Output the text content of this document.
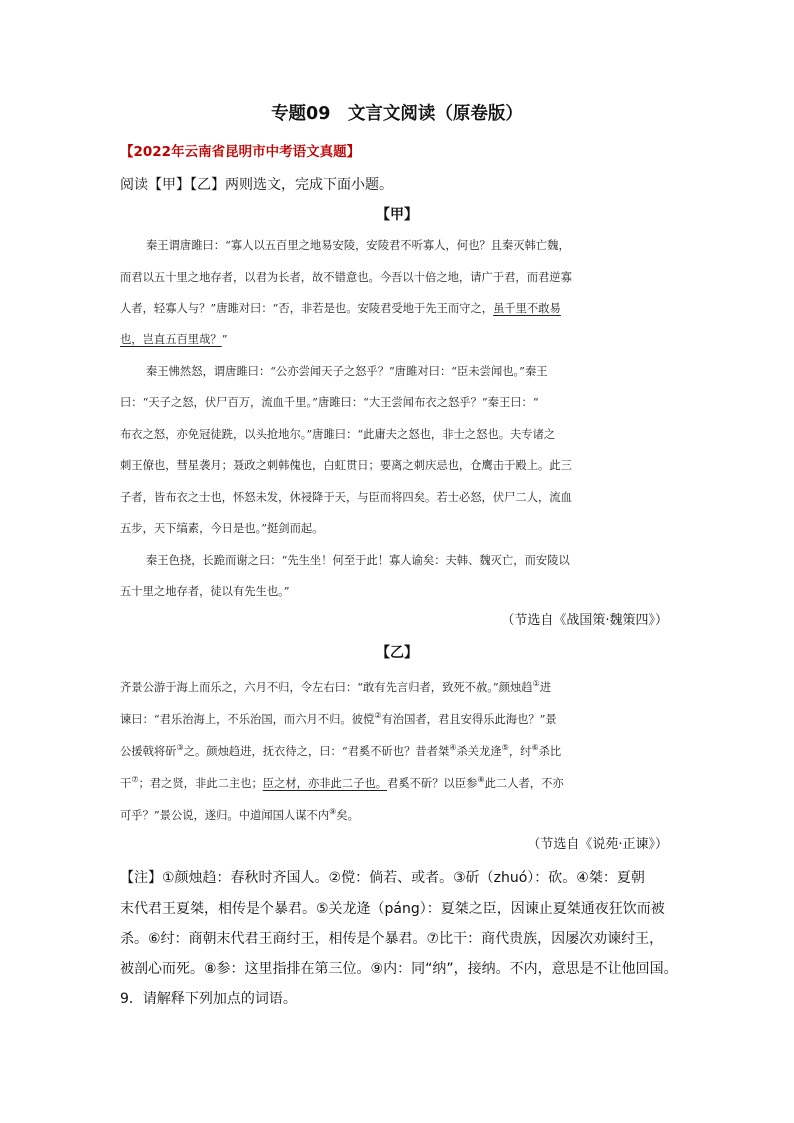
专题09　文言文阅读（原卷版）
【2022年云南省昆明市中考语文真题】
阅读【甲】【乙】两则选文，完成下面小题。
【甲】
秦王谓唐雎曰：“寡人以五百里之地易安陵，安陵君不听寡人，何也？且秦灭韩亡魏，
而君以五十里之地存者，以君为长者，故不错意也。今吾以十倍之地，请广于君，而君逆寡
人者，轻寡人与？”唐雎对曰：“否，非若是也。安陵君受地于先王而守之，虽千里不敢易
也，岂直五百里哉？”
秦王怫然怒，谓唐雎曰：“公亦尝闻天子之怒乎？”唐雎对曰：“臣未尝闻也。”秦王
曰：“天子之怒，伏尸百万，流血千里。”唐雎曰：“大王尝闻布衣之怒乎？”秦王曰：“
布衣之怒，亦免冠徒跣，以头抢地尔。”唐雎曰：“此庸夫之怒也，非士之怒也。夫专诸之
刺王僚也，彗星袭月；聂政之刺韩傀也，白虹贯日；要离之刺庆忌也，仓鹰击于殿上。此三
子者，皆布衣之士也，怀怒未发，休祲降于天，与臣而将四矣。若士必怒，伏尸二人，流血
五步，天下缟素，今日是也。”挺剑而起。
秦王色挠，长跪而谢之曰：“先生坐！何至于此！寡人谕矣：夫韩、魏灭亡，而安陵以
五十里之地存者，徒以有先生也。”
（节选自《战国策·魏策四》）
【乙】
齐景公游于海上而乐之，六月不归，令左右曰：“敢有先言归者，致死不赦。”颜烛趋①进
谏曰：“君乐治海上，不乐治国，而六月不归。彼傥②有治国者，君且安得乐此海也？”景
公援戟将斫③之。颜烛趋进，抚衣待之，曰：“君奚不斫也？昔者桀④杀关龙逄⑤，纣⑥杀比
干⑦；君之贤，非此二主也；臣之材，亦非此二子也。君奚不斫？以臣参⑧此二人者，不亦
可乎？”景公说，遂归。中道闻国人谋不内⑨矣。
（节选自《说苑·正谏》）
【注】①颜烛趋：春秋时齐国人。②傥：倘若、或者。③斫（zhuó）：砍。④桀：夏朝
末代君王夏桀，相传是个暴君。⑤关龙逄（páng）：夏桀之臣，因谏止夏桀通夜狂饮而被
杀。⑥纣：商朝末代君王商纣王，相传是个暴君。⑦比干：商代贵族，因屡次劝谏纣王，
被剖心而死。⑧参：这里指排在第三位。⑨内：同“纳”，接纳。不内，意思是不让他回国。
9．请解释下列加点的词语。
